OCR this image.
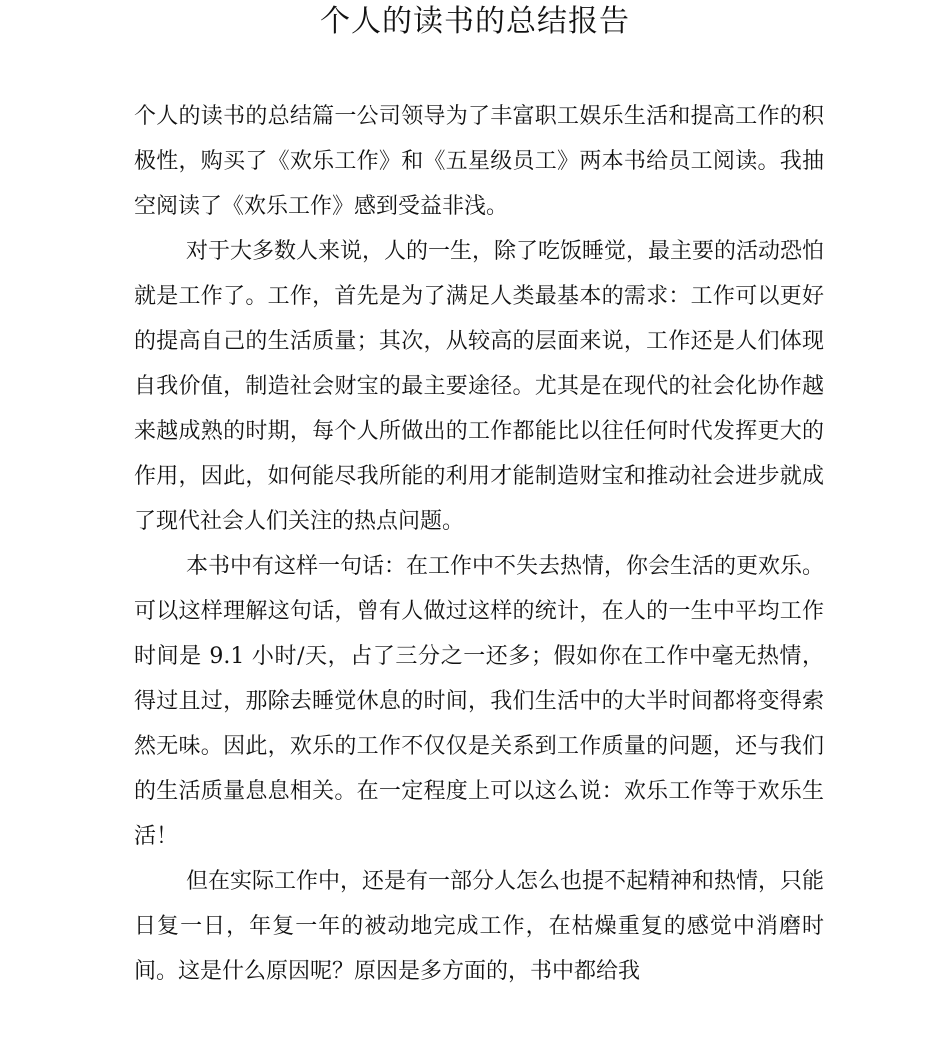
个人的读书的总结报告

个人的读书的总结篇一公司领导为了丰富职工娱乐生活和提高工作的积极性，购买了《欢乐工作》和《五星级员工》两本书给员工阅读。我抽空阅读了《欢乐工作》感到受益非浅。

对于大多数人来说，人的一生，除了吃饭睡觉，最主要的活动恐怕就是工作了。工作，首先是为了满足人类最基本的需求：工作可以更好的提高自己的生活质量；其次，从较高的层面来说，工作还是人们体现自我价值，制造社会财宝的最主要途径。尤其是在现代的社会化协作越来越成熟的时期，每个人所做出的工作都能比以往任何时代发挥更大的作用，因此，如何能尽我所能的利用才能制造财宝和推动社会进步就成了现代社会人们关注的热点问题。

本书中有这样一句话：在工作中不失去热情，你会生活的更欢乐。可以这样理解这句话，曾有人做过这样的统计，在人的一生中平均工作时间是 9.1 小时/天，占了三分之一还多；假如你在工作中毫无热情，得过且过，那除去睡觉休息的时间，我们生活中的大半时间都将变得索然无味。因此，欢乐的工作不仅仅是关系到工作质量的问题，还与我们的生活质量息息相关。在一定程度上可以这么说：欢乐工作等于欢乐生活！

但在实际工作中，还是有一部分人怎么也提不起精神和热情，只能日复一日，年复一年的被动地完成工作，在枯燥重复的感觉中消磨时间。这是什么原因呢？原因是多方面的，书中都给我
